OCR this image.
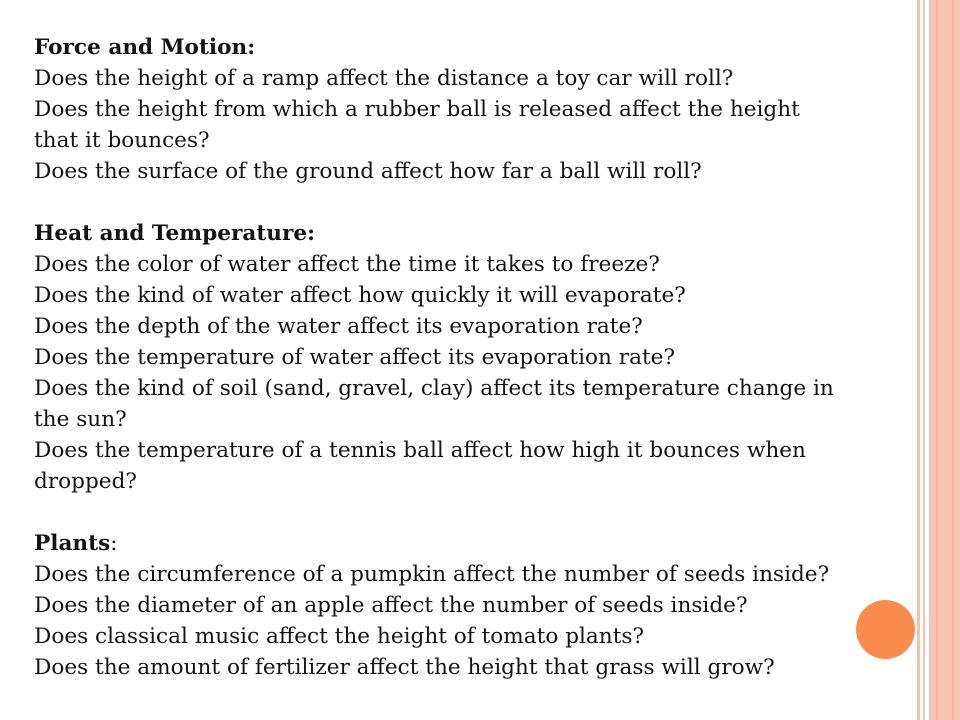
Force and Motion:
Does the height of a ramp affect the distance a toy car will roll?
Does the height from which a rubber ball is released affect the height
that it bounces?
Does the surface of the ground affect how far a ball will roll?
Heat and Temperature:
Does the color of water affect the time it takes to freeze?
Does the kind of water affect how quickly it will evaporate?
Does the depth of the water affect its evaporation rate?
Does the temperature of water affect its evaporation rate?
Does the kind of soil (sand, gravel, clay) affect its temperature change in
the sun?
Does the temperature of a tennis ball affect how high it bounces when
dropped?
Plants:
Does the circumference of a pumpkin affect the number of seeds inside?
Does the diameter of an apple affect the number of seeds inside?
Does classical music affect the height of tomato plants?
Does the amount of fertilizer affect the height that grass will grow?
